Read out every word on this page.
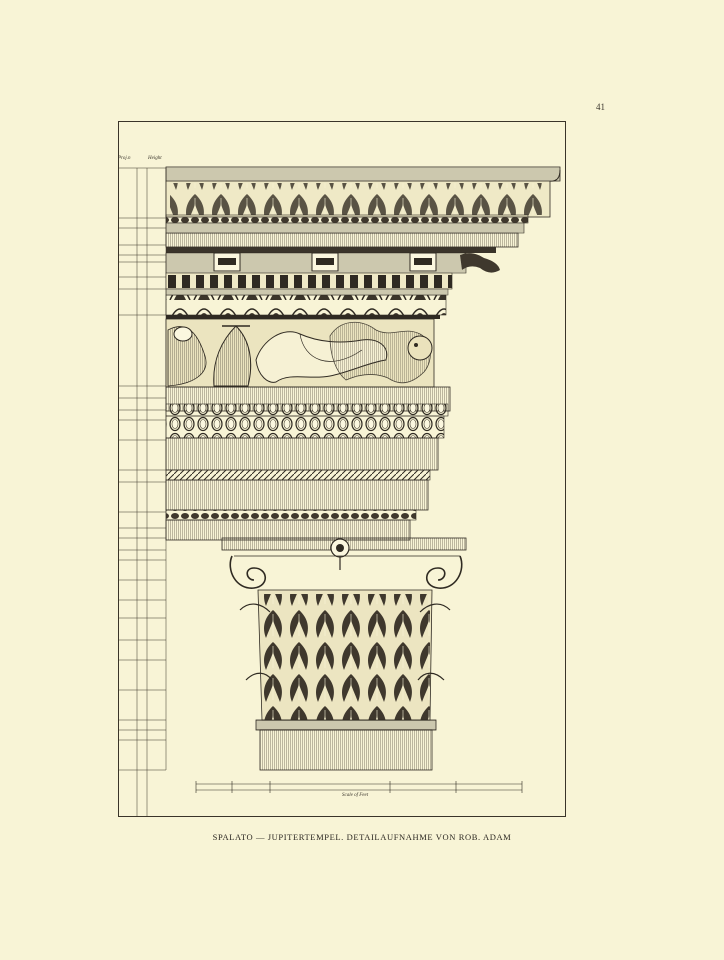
41
Proj.n	Height
Scale of Feet
SPALATO — JUPITERTEMPEL. DETAILAUFNAHME VON ROB. ADAM
